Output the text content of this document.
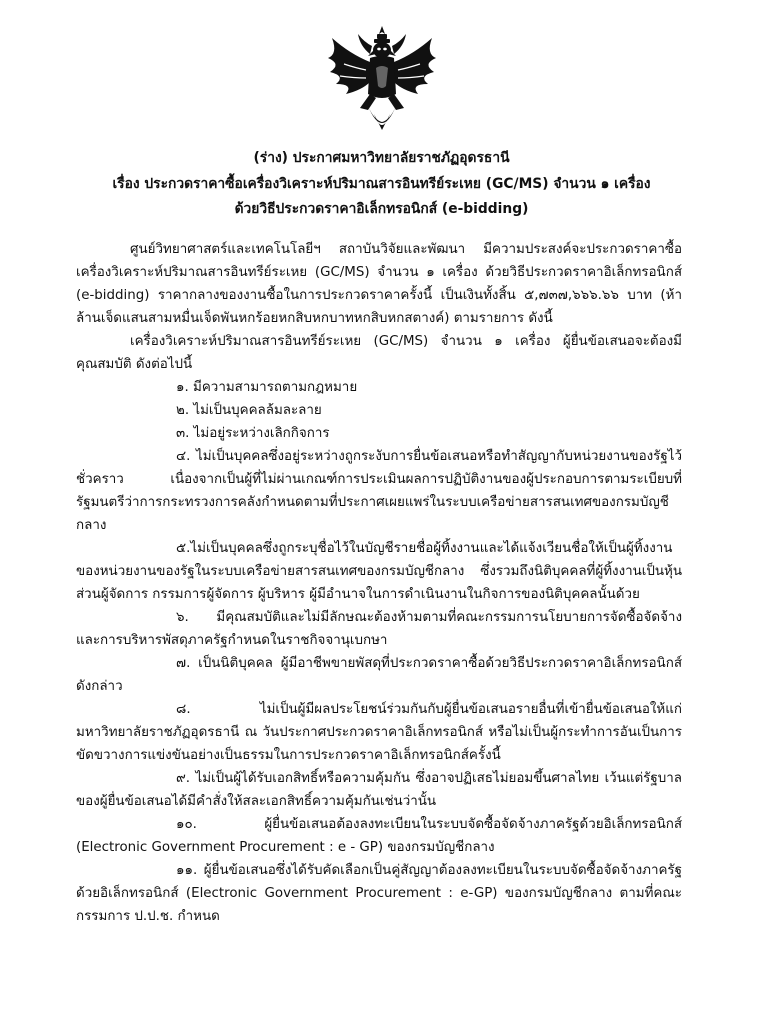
(ร่าง) ประกาศมหาวิทยาลัยราชภัฏอุดรธานี
เรื่อง ประกวดราคาซื้อเครื่องวิเคราะห์ปริมาณสารอินทรีย์ระเหย (GC/MS) จำนวน ๑ เครื่อง
ด้วยวิธีประกวดราคาอิเล็กทรอนิกส์ (e-bidding)

ศูนย์วิทยาศาสตร์และเทคโนโลยีฯ สถาบันวิจัยและพัฒนา มีความประสงค์จะประกวดราคาซื้อเครื่องวิเคราะห์ปริมาณสารอินทรีย์ระเหย (GC/MS) จำนวน ๑ เครื่อง ด้วยวิธีประกวดราคาอิเล็กทรอนิกส์ (e-bidding) ราคากลางของงานซื้อในการประกวดราคาครั้งนี้ เป็นเงินทั้งสิ้น ๕,๗๓๗,๖๖๖.๖๖ บาท (ห้าล้านเจ็ดแสนสามหมื่นเจ็ดพันหกร้อยหกสิบหกบาทหกสิบหกสตางค์) ตามรายการ ดังนี้

เครื่องวิเคราะห์ปริมาณสารอินทรีย์ระเหย (GC/MS) จำนวน ๑ เครื่อง ผู้ยื่นข้อเสนอจะต้องมีคุณสมบัติ ดังต่อไปนี้

๑. มีความสามารถตามกฎหมาย
๒. ไม่เป็นบุคคลล้มละลาย
๓. ไม่อยู่ระหว่างเลิกกิจการ

๔. ไม่เป็นบุคคลซึ่งอยู่ระหว่างถูกระงับการยื่นข้อเสนอหรือทำสัญญากับหน่วยงานของรัฐไว้ชั่วคราว เนื่องจากเป็นผู้ที่ไม่ผ่านเกณฑ์การประเมินผลการปฏิบัติงานของผู้ประกอบการตามระเบียบที่รัฐมนตรีว่าการกระทรวงการคลังกำหนดตามที่ประกาศเผยแพร่ในระบบเครือข่ายสารสนเทศของกรมบัญชีกลาง

๕.ไม่เป็นบุคคลซึ่งถูกระบุชื่อไว้ในบัญชีรายชื่อผู้ทิ้งงานและได้แจ้งเวียนชื่อให้เป็นผู้ทิ้งงานของหน่วยงานของรัฐในระบบเครือข่ายสารสนเทศของกรมบัญชีกลาง ซึ่งรวมถึงนิติบุคคลที่ผู้ทิ้งงานเป็นหุ้นส่วนผู้จัดการ กรรมการผู้จัดการ ผู้บริหาร ผู้มีอำนาจในการดำเนินงานในกิจการของนิติบุคคลนั้นด้วย

๖. มีคุณสมบัติและไม่มีลักษณะต้องห้ามตามที่คณะกรรมการนโยบายการจัดซื้อจัดจ้างและการบริหารพัสดุภาครัฐกำหนดในราชกิจจานุเบกษา

๗. เป็นนิติบุคคล ผู้มีอาชีพขายพัสดุที่ประกวดราคาซื้อด้วยวิธีประกวดราคาอิเล็กทรอนิกส์ดังกล่าว

๘. ไม่เป็นผู้มีผลประโยชน์ร่วมกันกับผู้ยื่นข้อเสนอรายอื่นที่เข้ายื่นข้อเสนอให้แก่มหาวิทยาลัยราชภัฏอุดรธานี ณ วันประกาศประกวดราคาอิเล็กทรอนิกส์ หรือไม่เป็นผู้กระทำการอันเป็นการขัดขวางการแข่งขันอย่างเป็นธรรมในการประกวดราคาอิเล็กทรอนิกส์ครั้งนี้

๙. ไม่เป็นผู้ได้รับเอกสิทธิ์หรือความคุ้มกัน ซึ่งอาจปฏิเสธไม่ยอมขึ้นศาลไทย เว้นแต่รัฐบาลของผู้ยื่นข้อเสนอได้มีคำสั่งให้สละเอกสิทธิ์ความคุ้มกันเช่นว่านั้น

๑๐. ผู้ยื่นข้อเสนอต้องลงทะเบียนในระบบจัดซื้อจัดจ้างภาครัฐด้วยอิเล็กทรอนิกส์ (Electronic Government Procurement : e - GP) ของกรมบัญชีกลาง

๑๑. ผู้ยื่นข้อเสนอซึ่งได้รับคัดเลือกเป็นคู่สัญญาต้องลงทะเบียนในระบบจัดซื้อจัดจ้างภาครัฐด้วยอิเล็กทรอนิกส์ (Electronic Government Procurement : e-GP) ของกรมบัญชีกลาง ตามที่คณะกรรมการ ป.ป.ช. กำหนด
